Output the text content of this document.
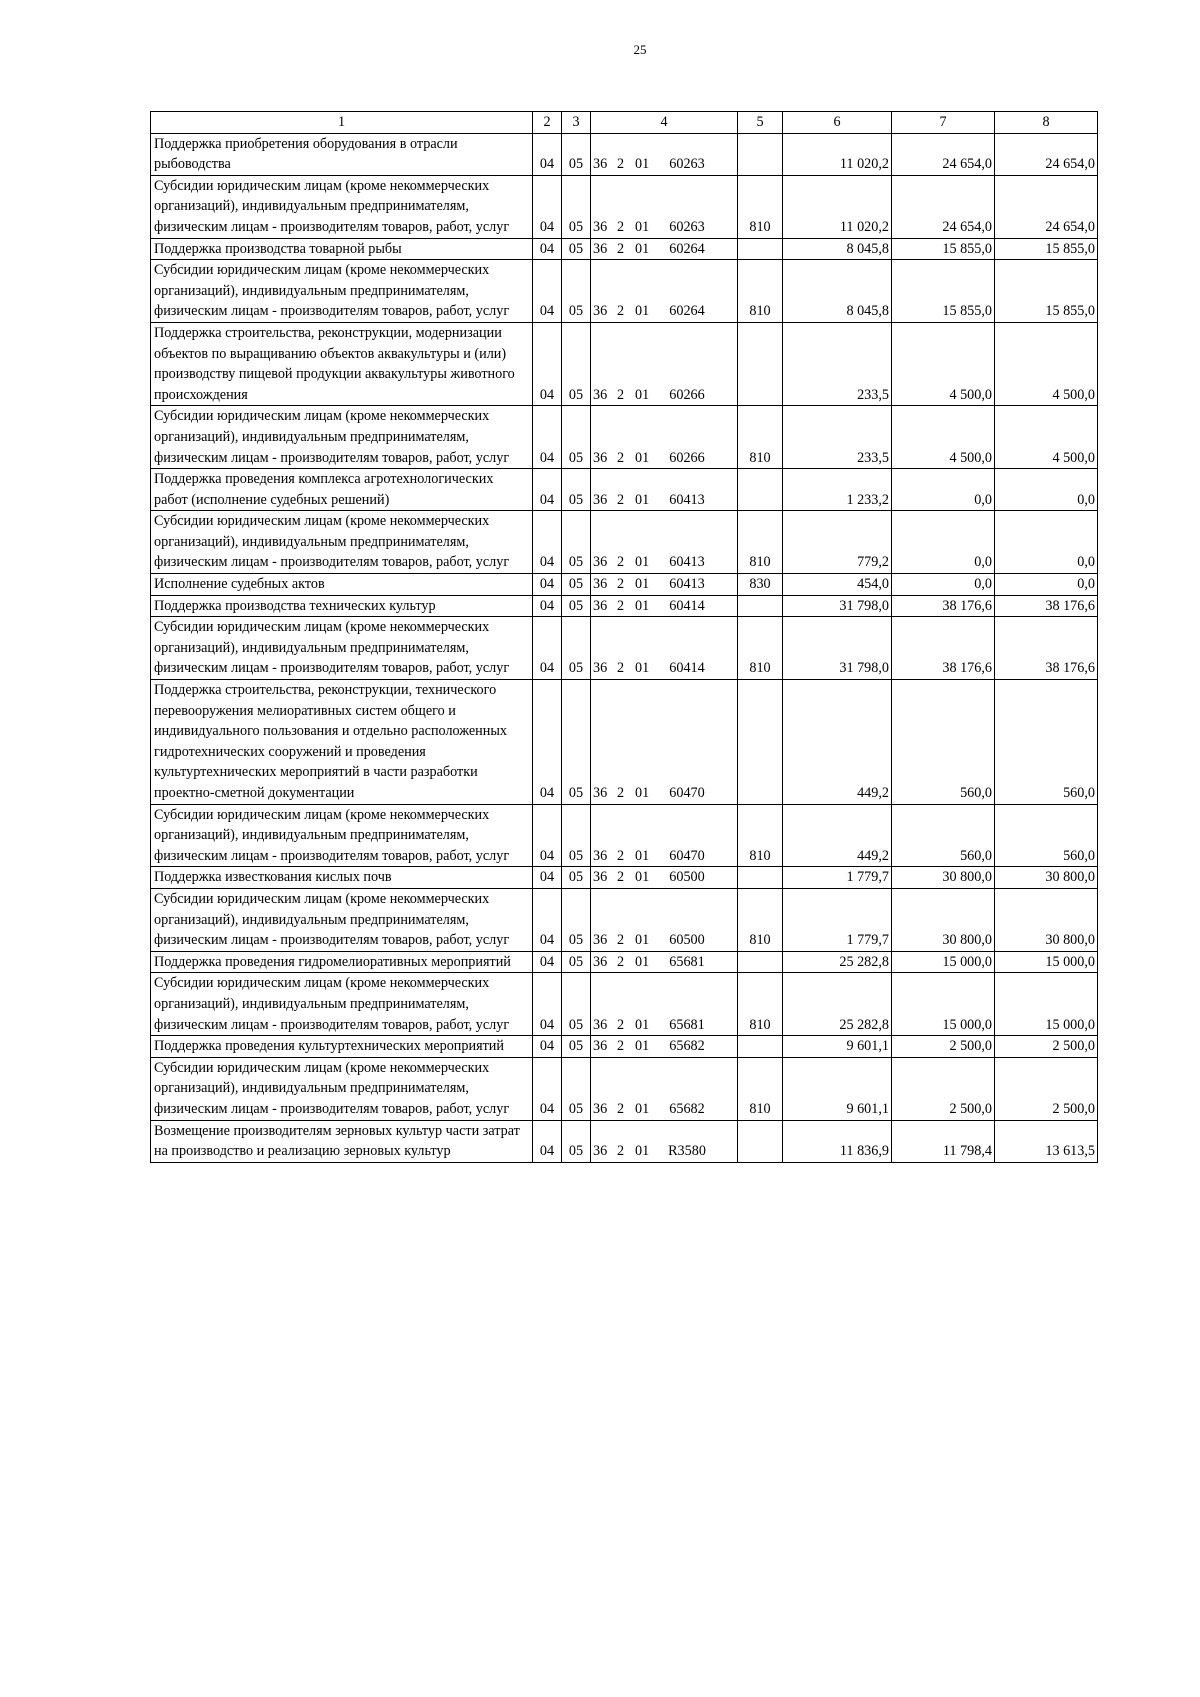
25
1	2	3	4	5	6	7	8
Поддержка приобретения оборудования в отрасли рыбоводства	04	05	36 2 01 60263		11 020,2	24 654,0	24 654,0
Субсидии юридическим лицам (кроме некоммерческих организаций), индивидуальным предпринимателям, физическим лицам - производителям товаров, работ, услуг	04	05	36 2 01 60263	810	11 020,2	24 654,0	24 654,0
Поддержка производства товарной рыбы	04	05	36 2 01 60264		8 045,8	15 855,0	15 855,0
Субсидии юридическим лицам (кроме некоммерческих организаций), индивидуальным предпринимателям, физическим лицам - производителям товаров, работ, услуг	04	05	36 2 01 60264	810	8 045,8	15 855,0	15 855,0
Поддержка строительства, реконструкции, модернизации объектов по выращиванию объектов аквакультуры и (или) производству пищевой продукции аквакультуры животного происхождения	04	05	36 2 01 60266		233,5	4 500,0	4 500,0
Субсидии юридическим лицам (кроме некоммерческих организаций), индивидуальным предпринимателям, физическим лицам - производителям товаров, работ, услуг	04	05	36 2 01 60266	810	233,5	4 500,0	4 500,0
Поддержка проведения комплекса агротехнологических работ (исполнение судебных решений)	04	05	36 2 01 60413		1 233,2	0,0	0,0
Субсидии юридическим лицам (кроме некоммерческих организаций), индивидуальным предпринимателям, физическим лицам - производителям товаров, работ, услуг	04	05	36 2 01 60413	810	779,2	0,0	0,0
Исполнение судебных актов	04	05	36 2 01 60413	830	454,0	0,0	0,0
Поддержка производства технических культур	04	05	36 2 01 60414		31 798,0	38 176,6	38 176,6
Субсидии юридическим лицам (кроме некоммерческих организаций), индивидуальным предпринимателям, физическим лицам - производителям товаров, работ, услуг	04	05	36 2 01 60414	810	31 798,0	38 176,6	38 176,6
Поддержка строительства, реконструкции, технического перевооружения мелиоративных систем общего и индивидуального пользования и отдельно расположенных гидротехнических сооружений и проведения культуртехнических мероприятий в части разработки проектно-сметной документации	04	05	36 2 01 60470		449,2	560,0	560,0
Субсидии юридическим лицам (кроме некоммерческих организаций), индивидуальным предпринимателям, физическим лицам - производителям товаров, работ, услуг	04	05	36 2 01 60470	810	449,2	560,0	560,0
Поддержка известкования кислых почв	04	05	36 2 01 60500		1 779,7	30 800,0	30 800,0
Субсидии юридическим лицам (кроме некоммерческих организаций), индивидуальным предпринимателям, физическим лицам - производителям товаров, работ, услуг	04	05	36 2 01 60500	810	1 779,7	30 800,0	30 800,0
Поддержка проведения гидромелиоративных мероприятий	04	05	36 2 01 65681		25 282,8	15 000,0	15 000,0
Субсидии юридическим лицам (кроме некоммерческих организаций), индивидуальным предпринимателям, физическим лицам - производителям товаров, работ, услуг	04	05	36 2 01 65681	810	25 282,8	15 000,0	15 000,0
Поддержка проведения культуртехнических мероприятий	04	05	36 2 01 65682		9 601,1	2 500,0	2 500,0
Субсидии юридическим лицам (кроме некоммерческих организаций), индивидуальным предпринимателям, физическим лицам - производителям товаров, работ, услуг	04	05	36 2 01 65682	810	9 601,1	2 500,0	2 500,0
Возмещение производителям зерновых культур части затрат на производство и реализацию зерновых культур	04	05	36 2 01 R3580		11 836,9	11 798,4	13 613,5
